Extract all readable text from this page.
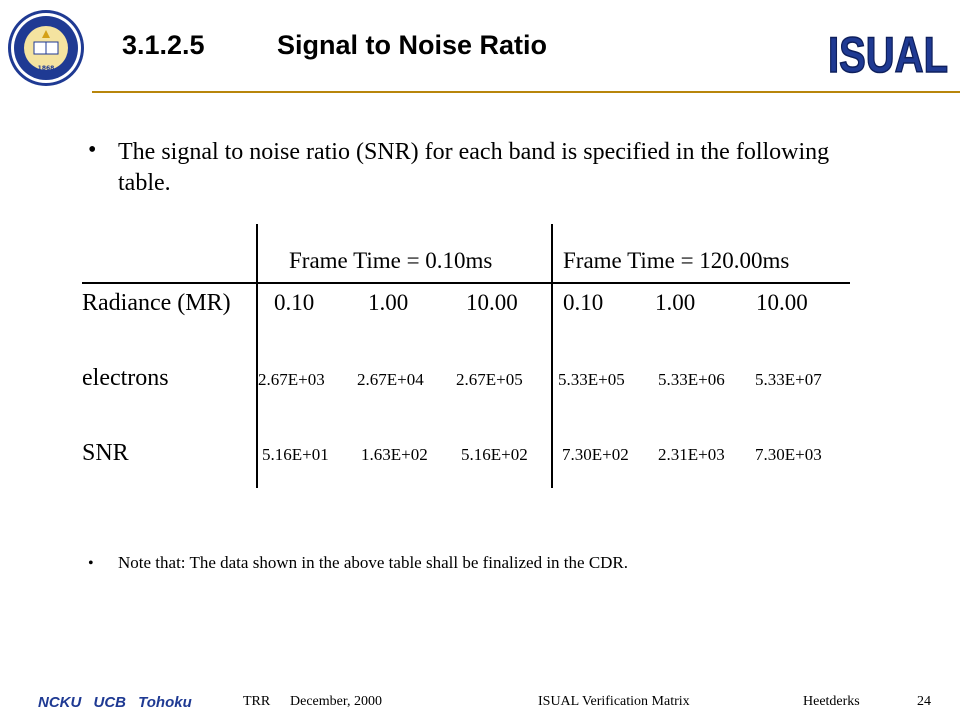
1868
3.1.2.5	Signal to Noise Ratio	ISUAL
• The signal to noise ratio (SNR) for each band is specified in the following table.
Frame Time = 0.10ms	Frame Time = 120.00ms
Radiance (MR) 0.10 1.00	10.00 0.10 1.00	10.00
electrons	2.67E+03 2.67E+04 2.67E+05 5.33E+05 5.33E+06 5.33E+07
SNR	5.16E+01 1.63E+02 5.16E+02 7.30E+02 2.31E+03 7.30E+03
• Note that: The data shown in the above table shall be finalized in the CDR.
NCKU UCB Tohoku	TRR December, 2000	ISUAL Verification Matrix	Heetderks	24
